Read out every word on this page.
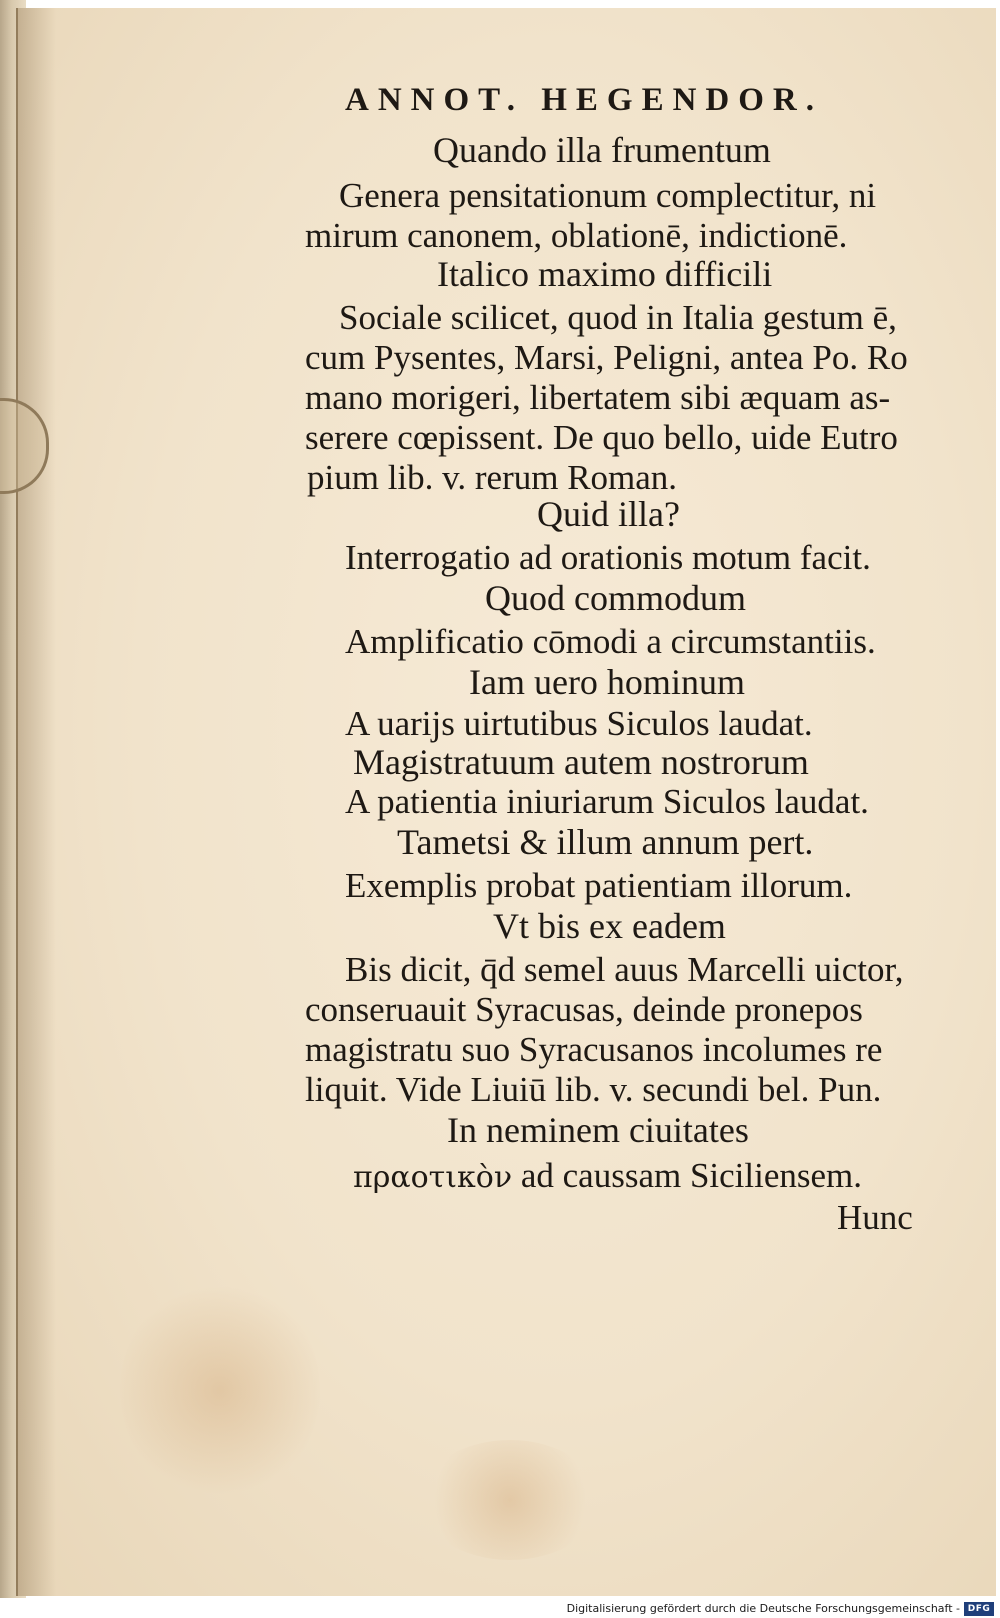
ANNOT. HEGENDOR.
Quando illa frumentum
Genera pensitationum complectitur, ni
mirum canonem, oblationē, indictionē.
Italico maximo difficili
Sociale scilicet, quod in Italia gestum ē,
cum Pysentes, Marsi, Peligni, antea Po. Ro
mano morigeri, libertatem sibi æquam as-
serere cœpissent. De quo bello, uide Eutro
pium lib. v. rerum Roman.
Quid illa?
Interrogatio ad orationis motum facit.
Quod commodum
Amplificatio cōmodi a circumstantiis.
Iam uero hominum
A uarijs uirtutibus Siculos laudat.
Magistratuum autem nostrorum
A patientia iniuriarum Siculos laudat.
Tametsi & illum annum pert.
Exemplis probat patientiam illorum.
Vt bis ex eadem
Bis dicit, q̄d semel auus Marcelli uictor,
conseruauit Syracusas, deinde pronepos
magistratu suo Syracusanos incolumes re
liquit. Vide Liuiū lib. v. secundi bel. Pun.
In neminem ciuitates
πραοτικὸν ad caussam Siciliensem.
Hunc
Digitalisierung gefördert durch die Deutsche Forschungsgemeinschaft - DFG
